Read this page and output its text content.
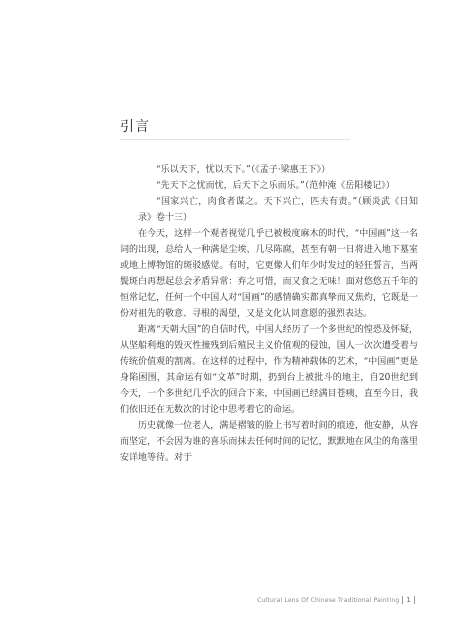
引言

“乐以天下，忧以天下。”（《孟子·梁惠王下》）

“先天下之忧而忧，后天下之乐而乐。”（范仲淹《岳阳楼记》）

“国家兴亡，肉食者谋之。天下兴亡，匹夫有责。”（顾炎武《日知录》卷十三）

在今天，这样一个观者视觉几乎已被极度麻木的时代，“中国画”这一名词的出现，总给人一种满是尘埃、几尽陈腐，甚至有朝一日将进入地下墓室或地上博物馆的斑驳感觉。有时，它更像人们年少时发过的轻狂誓言，当两鬓斑白再想起总会矛盾异常：弃之可惜，而又食之无味！面对悠悠五千年的恒常记忆，任何一个中国人对“国画”的感情确实都真挚而又焦灼，它既是一份对祖先的敬意、寻根的渴望，又是文化认同意愿的强烈表达。

距离“天朝大国”的自信时代，中国人经历了一个多世纪的惶恐及怀疑，从坚船利炮的毁灭性撞残到后殖民主义价值观的侵蚀，国人一次次遭受着与传统价值观的割离。在这样的过程中，作为精神载体的艺术，“中国画”更是身陷困围，其命运有如“文革”时期，扔到台上被批斗的地主，自20世纪到今天，一个多世纪几乎次的回合下来，中国画已经满目苍痍，直至今日，我们依旧还在无数次的讨论中思考着它的命运。

历史就像一位老人，满是褶皱的脸上书写着时间的痕迹，他安静，从容而坚定，不会因为谁的喜乐而抹去任何时间的记忆，默默地在风尘的角落里安详地等待。对于

Cultural Lens Of Chinese Traditional Painting 1
